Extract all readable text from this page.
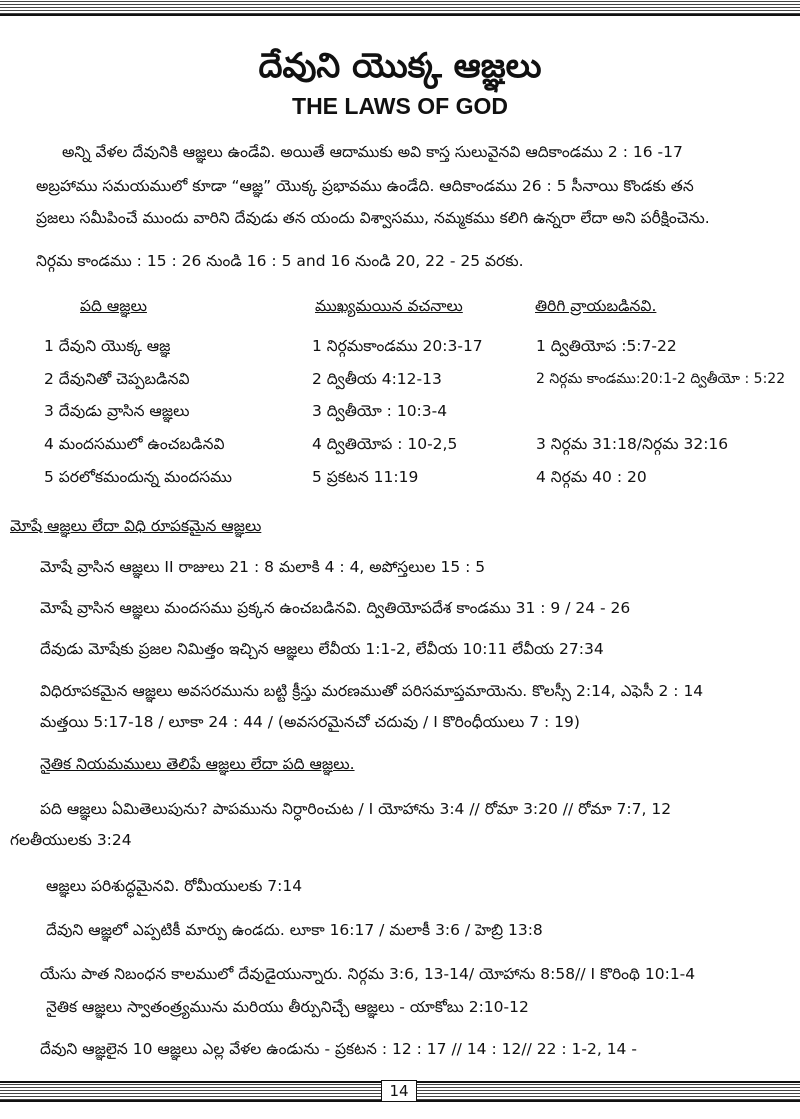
దేవుని యొక్క ఆజ్ఞలు
THE LAWS OF GOD
అన్ని వేళల దేవునికి ఆజ్ఞలు ఉండేవి. అయితే ఆదాముకు అవి కాస్త సులువైనవి ఆదికాండము 2 : 16 -17
అబ్రహాము సమయములో కూడా “ఆజ్ఞ” యొక్క ప్రభావము ఉండేది. ఆదికాండము 26 : 5 సీనాయి కొండకు తన
ప్రజలు సమీపించే ముందు వారిని దేవుడు తన యందు విశ్వాసము, నమ్మకము కలిగి ఉన్నరా లేదా అని పరీక్షించెను.
నిర్గమ కాండము : 15 : 26 నుండి 16 : 5 and 16 నుండి 20, 22 - 25 వరకు.
పది ఆజ్ఞలు	ముఖ్యమయిన వచనాలు	తిరిగి వ్రాయబడినవి.
1 దేవుని యొక్క ఆజ్ఞ	1 నిర్గమకాండము 20:3-17	1 ద్వితియోప :5:7-22
2 దేవునితో చెప్పబడినవి	2 ద్వితీయ 4:12-13	2 నిర్గమ కాండము:20:1-2 ద్వితీయో : 5:22
3 దేవుడు వ్రాసిన ఆజ్ఞలు	3 ద్వితీయో : 10:3-4
4 మందసములో ఉంచబడినవి	4 ద్వితియోప : 10-2,5	3 నిర్గమ 31:18/నిర్గమ 32:16
5 పరలోకమందున్న మందసము	5 ప్రకటన 11:19	4 నిర్గమ 40 : 20
మోషే ఆజ్ఞలు లేదా విధి రూపకమైన ఆజ్ఞలు
మోషే వ్రాసిన ఆజ్ఞలు II రాజులు 21 : 8 మలాకి 4 : 4, అపోస్తలుల 15 : 5
మోషే వ్రాసిన ఆజ్ఞలు మందసము ప్రక్కన ఉంచబడినవి. ద్వితియోపదేశ కాండము 31 : 9 / 24 - 26
దేవుడు మోషేకు ప్రజల నిమిత్తం ఇచ్చిన ఆజ్ఞలు లేవీయ 1:1-2, లేవీయ 10:11 లేవీయ 27:34
విధిరూపకమైన ఆజ్ఞలు అవసరమును బట్టి క్రీస్తు మరణముతో పరిసమాప్తమాయెను. కొలస్సీ 2:14, ఎఫెసీ 2 : 14
మత్తయి 5:17-18 / లూకా 24 : 44 / (అవసరమైనచో చదువు / I కొరింధీయులు 7 : 19)
నైతిక నియమములు తెలిపే ఆజ్ఞలు లేదా పది ఆజ్ఞలు.
పది ఆజ్ఞలు ఏమితెలుపును? పాపమును నిర్ధారించుట / I యోహాను 3:4 // రోమా 3:20 // రోమా 7:7, 12
గలతీయులకు 3:24
ఆజ్ఞలు పరిశుద్ధమైనవి. రోమీయులకు 7:14
దేవుని ఆజ్ఞలో ఎప్పటికీ మార్పు ఉండదు. లూకా 16:17 / మలాకీ 3:6 / హెబ్రి 13:8
యేసు పాత నిబంధన కాలములో దేవుడైయున్నారు. నిర్గమ 3:6, 13-14/ యోహాను 8:58// I కొరింథి 10:1-4
నైతిక ఆజ్ఞలు స్వాతంత్ర్యమును మరియు తీర్పునిచ్చే ఆజ్ఞలు - యాకోబు 2:10-12
దేవుని ఆజ్ఞలైన 10 ఆజ్ఞలు ఎల్ల వేళల ఉండును - ప్రకటన : 12 : 17 // 14 : 12// 22 : 1-2, 14 -
14
